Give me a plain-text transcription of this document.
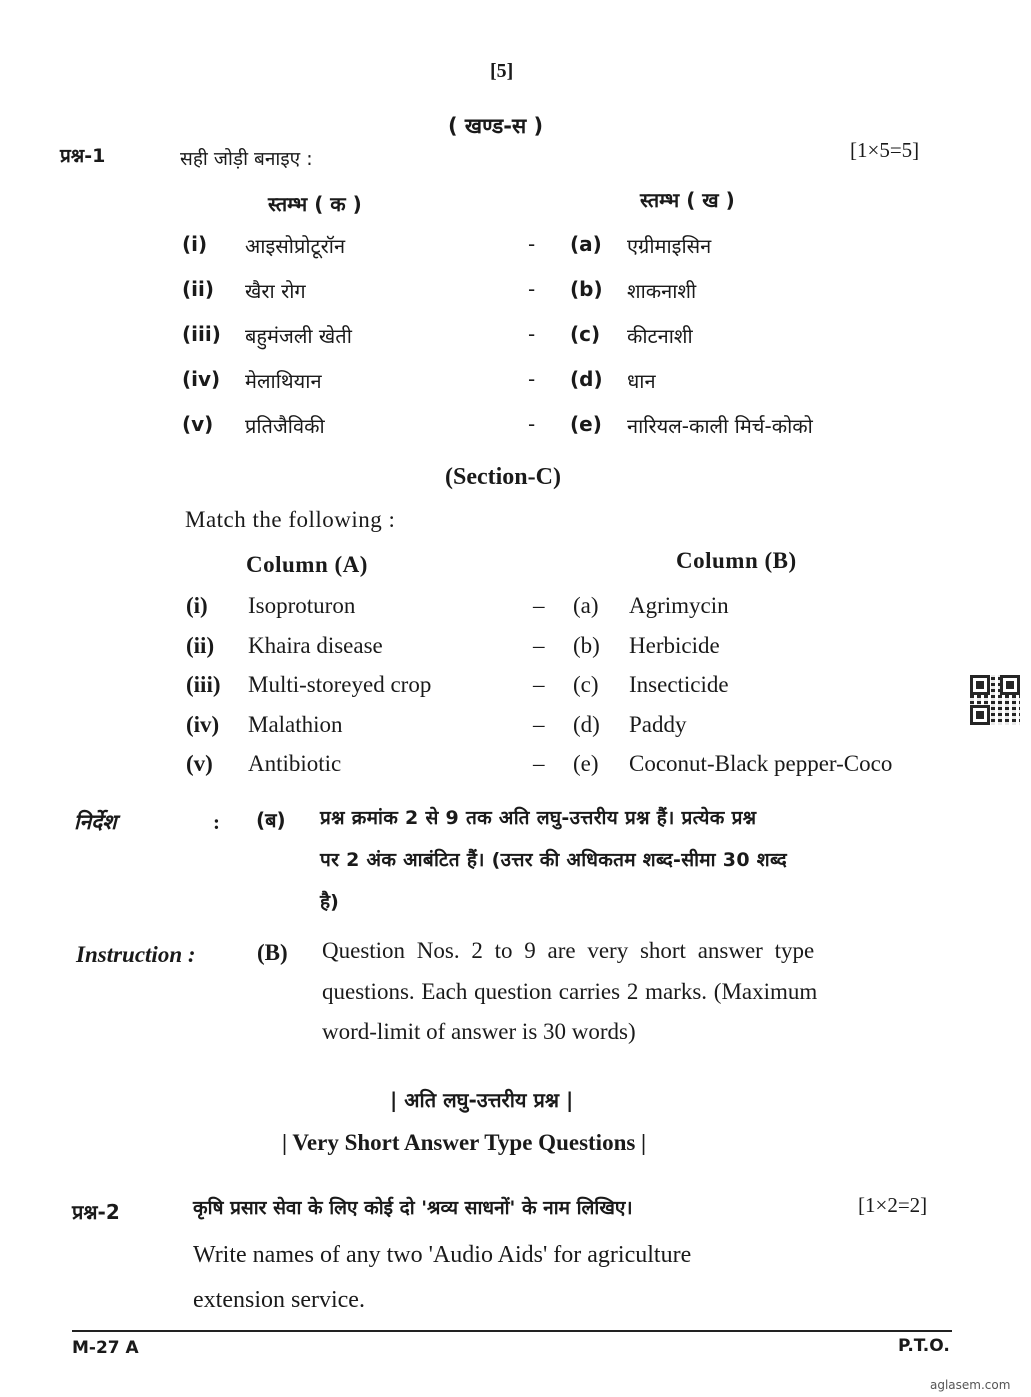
[5]
( खण्ड-स )
प्रश्न-1	सही जोड़ी बनाइए :	[1×5=5]
स्तम्भ ( क )	स्तम्भ ( ख )
(i) आइसोप्रोटूरॉन	- (a) एग्रीमाइसिन
(ii) खैरा रोग	- (b) शाकनाशी
(iii) बहुमंजली खेती	- (c) कीटनाशी
(iv) मेलाथियान	- (d) धान
(v) प्रतिजैविकी	- (e) नारियल-काली मिर्च-कोको
(Section-C)
Match the following :
Column (A)	Column (B)
(i) Isoproturon	– (a) Agrimycin
(ii) Khaira disease	– (b) Herbicide
(iii) Multi-storeyed crop	– (c) Insecticide
(iv) Malathion	– (d) Paddy
(v) Antibiotic	– (e) Coconut-Black pepper-Coco
निर्देश	: (ब) प्रश्न क्रमांक 2 से 9 तक अति लघु-उत्तरीय प्रश्न हैं। प्रत्येक प्रश्न
पर 2 अंक आबंटित हैं। (उत्तर की अधिकतम शब्द-सीमा 30 शब्द
है)
Instruction :	(B) Question Nos. 2 to 9 are very short answer type
questions. Each question carries 2 marks. (Maximum
word-limit of answer is 30 words)
| अति लघु-उत्तरीय प्रश्न |
| Very Short Answer Type Questions |
प्रश्न-2	कृषि प्रसार सेवा के लिए कोई दो 'श्रव्य साधनों' के नाम लिखिए।	[1×2=2]
Write names of any two 'Audio Aids' for agriculture
extension service.
M-27 A	P.T.O.
aglasem.com
